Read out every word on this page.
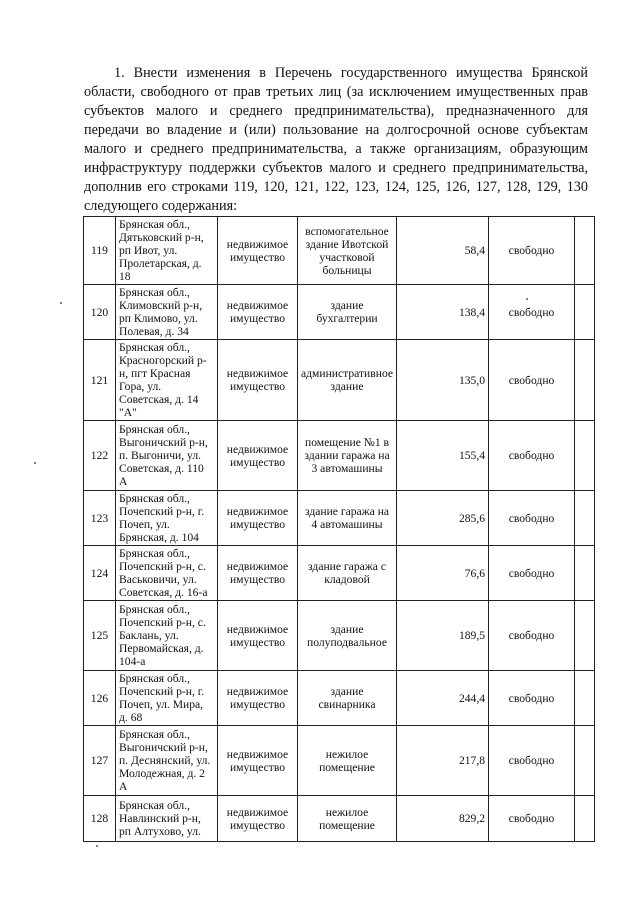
1. Внести изменения в Перечень государственного имущества Брянской области, свободного от прав третьих лиц (за исключением имущественных прав субъектов малого и среднего предпринимательства), предназначенного для передачи во владение и (или) пользование на долгосрочной основе субъектам малого и среднего предпринимательства, а также организациям, образующим инфраструктуру поддержки субъектов малого и среднего предпринимательства, дополнив его строками 119, 120, 121, 122, 123, 124, 125, 126, 127, 128, 129, 130 следующего содержания:

119	Брянская обл., Дятьковский р-н, рп Ивот, ул. Пролетарская, д. 18	недвижимое имущество	вспомогательное здание Ивотской участковой больницы	58,4	свободно	
120	Брянская обл., Климовский р-н, рп Климово, ул. Полевая, д. 34	недвижимое имущество	здание бухгалтерии	138,4	свободно	
121	Брянская обл., Красногорский р-н, пгт Красная Гора, ул. Советская, д. 14 "А"	недвижимое имущество	административное здание	135,0	свободно	
122	Брянская обл., Выгоничский р-н, п. Выгоничи, ул. Советская, д. 110 А	недвижимое имущество	помещение №1 в здании гаража на 3 автомашины	155,4	свободно	
123	Брянская обл., Почепский р-н, г. Почеп, ул. Брянская, д. 104	недвижимое имущество	здание гаража на 4 автомашины	285,6	свободно	
124	Брянская обл., Почепский р-н, с. Васьковичи, ул. Советская, д. 16-а	недвижимое имущество	здание гаража с кладовой	76,6	свободно	
125	Брянская обл., Почепский р-н, с. Баклань, ул. Первомайская, д. 104-а	недвижимое имущество	здание полуподвальное	189,5	свободно	
126	Брянская обл., Почепский р-н, г. Почеп, ул. Мира, д. 68	недвижимое имущество	здание свинарника	244,4	свободно	
127	Брянская обл., Выгоничский р-н, п. Деснянский, ул. Молодежная, д. 2 А	недвижимое имущество	нежилое помещение	217,8	свободно	
128	Брянская обл., Навлинский р-н, рп Алтухово, ул.	недвижимое имущество	нежилое помещение	829,2	свободно	
